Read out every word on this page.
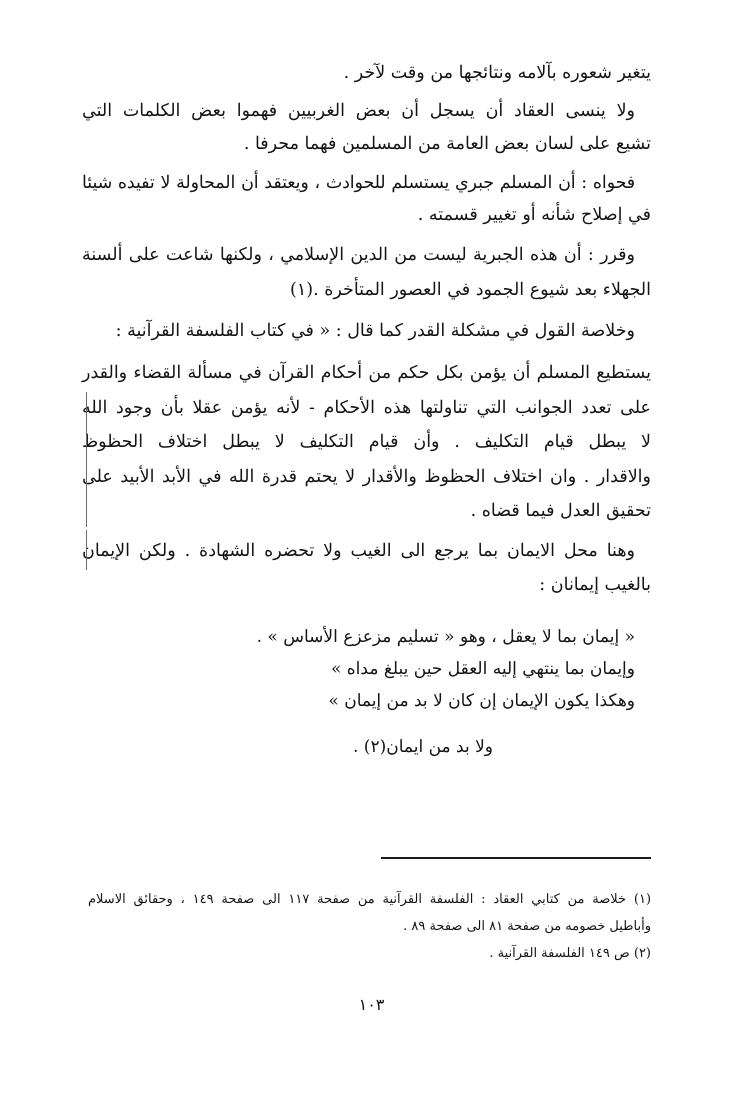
يتغير شعوره بآلامه ونتائجها من وقت لآخر .
ولا ينسى العقاد أن يسجل أن بعض الغربيين فهموا بعض الكلمات التي
تشيع على لسان بعض العامة من المسلمين فهما محرفا .
فحواه : أن المسلم جبري يستسلم للحوادث ، ويعتقد أن المحاولة لا تفيده شيئا
في إصلاح شأنه أو تغيير قسمته .
وقرر : أن هذه الجبرية ليست من الدين الإسلامي ، ولكنها شاعت على ألسنة
الجهلاء بعد شيوع الجمود في العصور المتأخرة .(١)
وخلاصة القول في مشكلة القدر كما قال : « في كتاب الفلسفة القرآنية :
يستطيع المسلم أن يؤمن بكل حكم من أحكام القرآن في مسألة القضاء والقدر
على تعدد الجوانب التي تناولتها هذه الأحكام - لأنه يؤمن عقلا بأن وجود الله
لا يبطل قيام التكليف . وأن قيام التكليف لا يبطل اختلاف الحظوظ
والاقدار . وان اختلاف الحظوظ والأقدار لا يحتم قدرة الله في الأبد الأبيد على
تحقيق العدل فيما قضاه .
وهنا محل الايمان بما يرجع الى الغيب ولا تحضره الشهادة . ولكن الإيمان
بالغيب إيمانان :
« إيمان بما لا يعقل ، وهو « تسليم مزعزع الأساس » .
وإيمان بما ينتهي إليه العقل حين يبلغ مداه »
وهكذا يكون الإيمان إن كان لا بد من إيمان »
ولا بد من ايمان(٢) .
(١) خلاصة من كتابي العقاد : الفلسفة القرآنية من صفحة ١١٧ الى صفحة ١٤٩ ، وحقائق الاسلام
وأباطيل خصومه من صفحة ٨١ الى صفحة ٨٩ .
(٢) ص ١٤٩ الفلسفة القرآنية .
١٠٣
